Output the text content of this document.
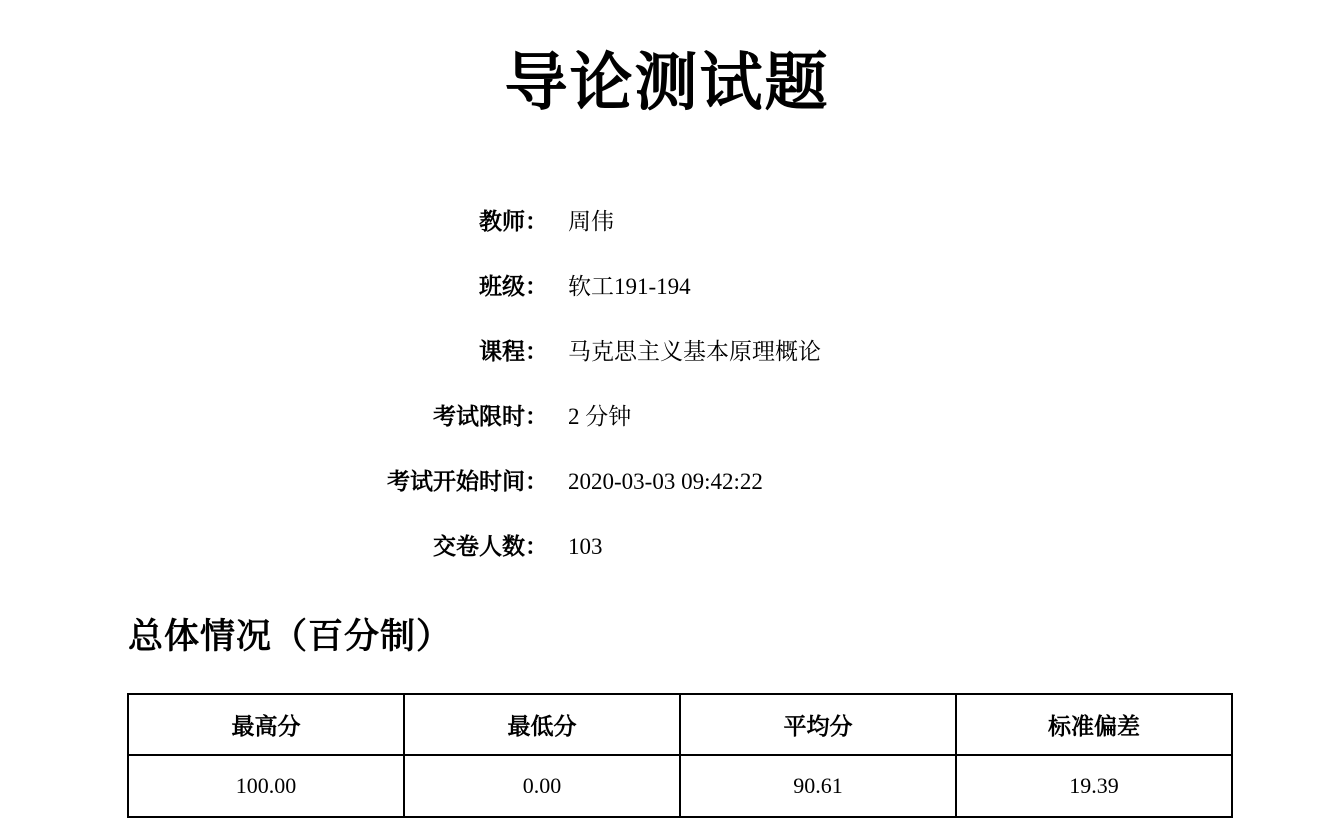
导论测试题
教师： 周伟
班级： 软工191-194
课程： 马克思主义基本原理概论
考试限时： 2 分钟
考试开始时间： 2020-03-03 09:42:22
交卷人数： 103
总体情况（百分制）
最高分	最低分	平均分	标准偏差
100.00	0.00	90.61	19.39
